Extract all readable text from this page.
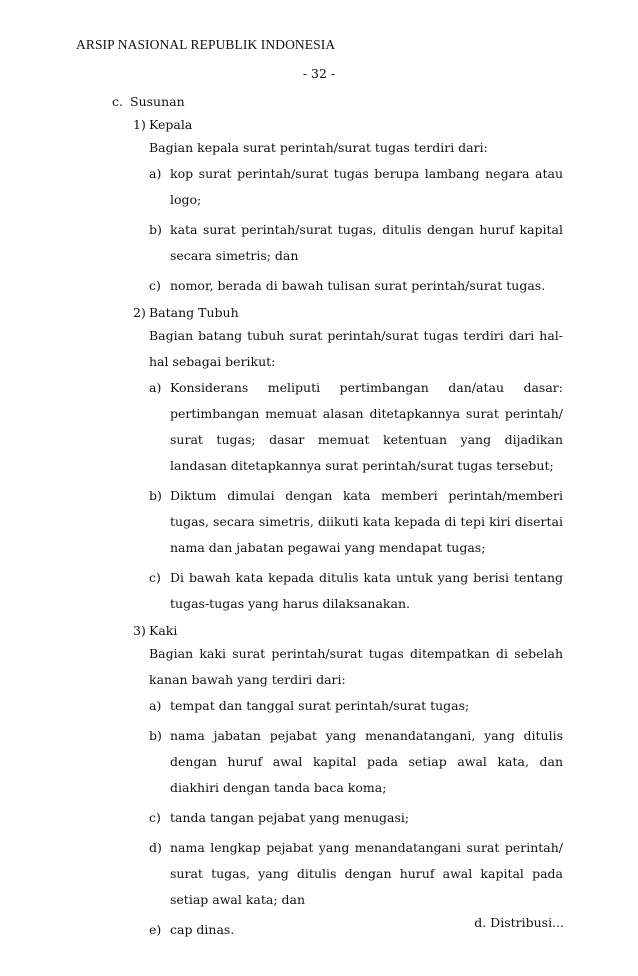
ARSIP NASIONAL REPUBLIK INDONESIA
- 32 -
c. Susunan
1) Kepala
Bagian kepala surat perintah/surat tugas terdiri dari:
a) kop surat perintah/surat tugas berupa lambang negara atau logo;
b) kata surat perintah/surat tugas, ditulis dengan huruf kapital secara simetris; dan
c) nomor, berada di bawah tulisan surat perintah/surat tugas.
2) Batang Tubuh
Bagian batang tubuh surat perintah/surat tugas terdiri dari hal-hal sebagai berikut:
a) Konsiderans meliputi pertimbangan dan/atau dasar: pertimbangan memuat alasan ditetapkannya surat perintah/ surat tugas; dasar memuat ketentuan yang dijadikan landasan ditetapkannya surat perintah/surat tugas tersebut;
b) Diktum dimulai dengan kata memberi perintah/memberi tugas, secara simetris, diikuti kata kepada di tepi kiri disertai nama dan jabatan pegawai yang mendapat tugas;
c) Di bawah kata kepada ditulis kata untuk yang berisi tentang tugas-tugas yang harus dilaksanakan.
3) Kaki
Bagian kaki surat perintah/surat tugas ditempatkan di sebelah kanan bawah yang terdiri dari:
a) tempat dan tanggal surat perintah/surat tugas;
b) nama jabatan pejabat yang menandatangani, yang ditulis dengan huruf awal kapital pada setiap awal kata, dan diakhiri dengan tanda baca koma;
c) tanda tangan pejabat yang menugasi;
d) nama lengkap pejabat yang menandatangani surat perintah/ surat tugas, yang ditulis dengan huruf awal kapital pada setiap awal kata; dan
e) cap dinas.	d. Distribusi...
